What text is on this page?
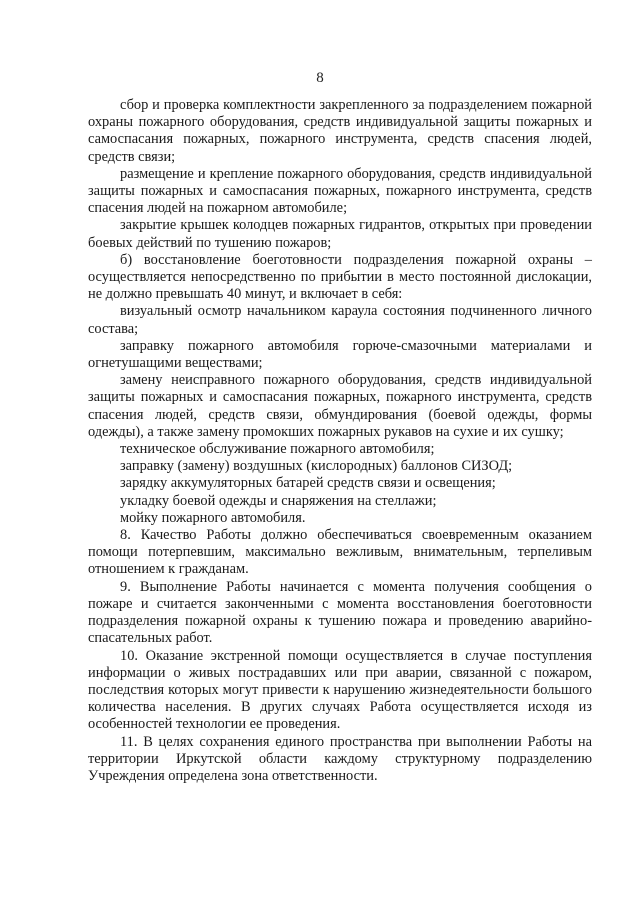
8

сбор и проверка комплектности закрепленного за подразделением пожарной охраны пожарного оборудования, средств индивидуальной защиты пожарных и самоспасания пожарных, пожарного инструмента, средств спасения людей, средств связи;

размещение и крепление пожарного оборудования, средств индивидуальной защиты пожарных и самоспасания пожарных, пожарного инструмента, средств спасения людей на пожарном автомобиле;

закрытие крышек колодцев пожарных гидрантов, открытых при проведении боевых действий по тушению пожаров;

б) восстановление боеготовности подразделения пожарной охраны – осуществляется непосредственно по прибытии в место постоянной дислокации, не должно превышать 40 минут, и включает в себя:

визуальный осмотр начальником караула состояния подчиненного личного состава;

заправку пожарного автомобиля горюче-смазочными материалами и огнетушащими веществами;

замену неисправного пожарного оборудования, средств индивидуальной защиты пожарных и самоспасания пожарных, пожарного инструмента, средств спасения людей, средств связи, обмундирования (боевой одежды, формы одежды), а также замену промокших пожарных рукавов на сухие и их сушку;

техническое обслуживание пожарного автомобиля;

заправку (замену) воздушных (кислородных) баллонов СИЗОД;

зарядку аккумуляторных батарей средств связи и освещения;

укладку боевой одежды и снаряжения на стеллажи;

мойку пожарного автомобиля.

8. Качество Работы должно обеспечиваться своевременным оказанием помощи потерпевшим, максимально вежливым, внимательным, терпеливым отношением к гражданам.

9. Выполнение Работы начинается с момента получения сообщения о пожаре и считается законченными с момента восстановления боеготовности подразделения пожарной охраны к тушению пожара и проведению аварийно-спасательных работ.

10. Оказание экстренной помощи осуществляется в случае поступления информации о живых пострадавших или при аварии, связанной с пожаром, последствия которых могут привести к нарушению жизнедеятельности большого количества населения. В других случаях Работа осуществляется исходя из особенностей технологии ее проведения.

11. В целях сохранения единого пространства при выполнении Работы на территории Иркутской области каждому структурному подразделению Учреждения определена зона ответственности.
